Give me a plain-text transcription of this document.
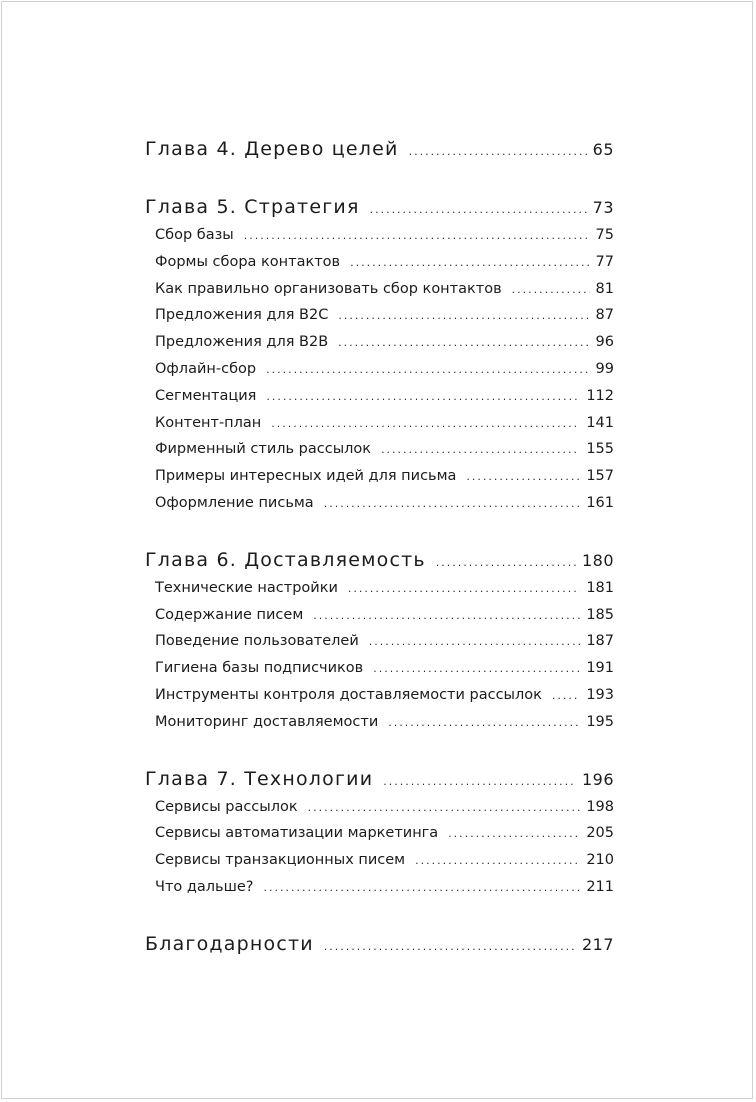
Глава 4. Дерево целей .....	65
Глава 5. Стратегия .....	73
Сбор базы .....	75
Формы сбора контактов .....	77
Как правильно организовать сбор контактов .....	81
Предложения для B2C .....	87
Предложения для B2B .....	96
Офлайн-сбор .....	99
Сегментация .....	112
Контент-план .....	141
Фирменный стиль рассылок .....	155
Примеры интересных идей для письма .....	157
Оформление письма .....	161
Глава 6. Доставляемость .....	180
Технические настройки .....	181
Содержание писем .....	185
Поведение пользователей .....	187
Гигиена базы подписчиков .....	191
Инструменты контроля доставляемости рассылок .....	193
Мониторинг доставляемости .....	195
Глава 7. Технологии .....	196
Сервисы рассылок .....	198
Сервисы автоматизации маркетинга .....	205
Сервисы транзакционных писем .....	210
Что дальше? .....	211
Благодарности .....	217
